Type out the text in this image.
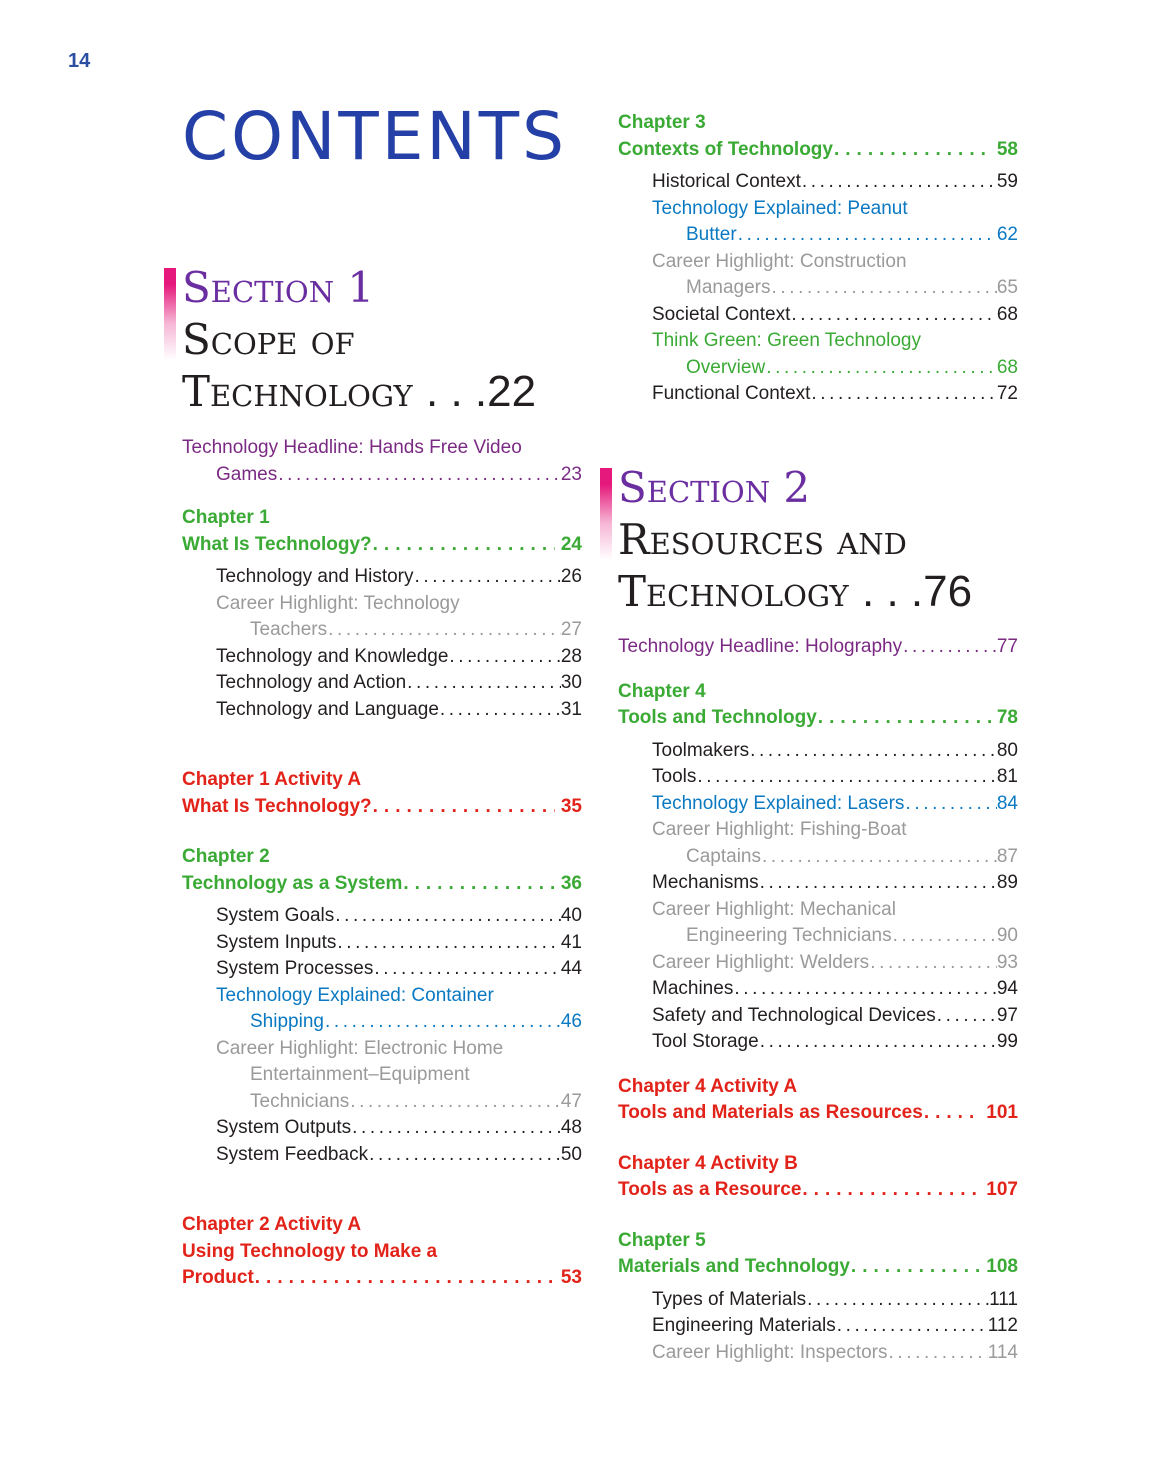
14
CONTENTS
Section 1
Scope of
Technology . . .22
Technology Headline: Hands Free Video
Games .....	23
Chapter 1
What Is Technology? .....	24
Technology and History .....	26
Career Highlight: Technology
Teachers .....	27
Technology and Knowledge .....	28
Technology and Action .....	30
Technology and Language .....	31
Chapter 1 Activity A
What Is Technology? .....	35
Chapter 2
Technology as a System .....	36
System Goals .....	40
System Inputs .....	41
System Processes .....	44
Technology Explained: Container
Shipping .....	46
Career Highlight: Electronic Home
Entertainment–Equipment
Technicians .....	47
System Outputs .....	48
System Feedback .....	50
Chapter 2 Activity A
Using Technology to Make a
Product .....	53
Chapter 3
Contexts of Technology .....	58
Historical Context .....	59
Technology Explained: Peanut
Butter .....	62
Career Highlight: Construction
Managers .....	65
Societal Context .....	68
Think Green: Green Technology
Overview .....	68
Functional Context .....	72
Section 2
Resources and
Technology . . .76
Technology Headline: Holography .....	77
Chapter 4
Tools and Technology .....	78
Toolmakers .....	80
Tools .....	81
Technology Explained: Lasers .....	84
Career Highlight: Fishing-Boat
Captains .....	87
Mechanisms .....	89
Career Highlight: Mechanical
Engineering Technicians .....	90
Career Highlight: Welders .....	93
Machines .....	94
Safety and Technological Devices .....	97
Tool Storage .....	99
Chapter 4 Activity A
Tools and Materials as Resources .....	101
Chapter 4 Activity B
Tools as a Resource .....	107
Chapter 5
Materials and Technology .....	108
Types of Materials .....	111
Engineering Materials .....	112
Career Highlight: Inspectors .....	114
